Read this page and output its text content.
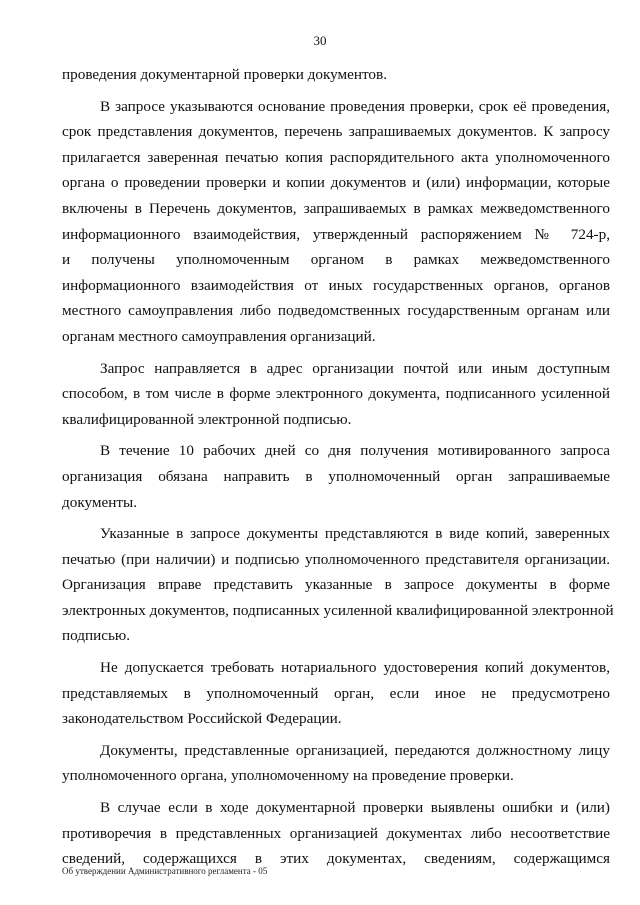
30
проведения документарной проверки документов.
В запросе указываются основание проведения проверки, срок её проведения,
срок представления документов, перечень запрашиваемых документов. К запросу
прилагается заверенная печатью копия распорядительного акта уполномоченного
органа о проведении проверки и копии документов и (или) информации, которые
включены в Перечень документов, запрашиваемых в рамках межведомственного
информационного взаимодействия, утвержденный распоряжением № 724-р,
и получены уполномоченным органом в рамках межведомственного
информационного взаимодействия от иных государственных органов, органов
местного самоуправления либо подведомственных государственным органам или
органам местного самоуправления организаций.
Запрос направляется в адрес организации почтой или иным доступным
способом, в том числе в форме электронного документа, подписанного усиленной
квалифицированной электронной подписью.
В течение 10 рабочих дней со дня получения мотивированного запроса
организация обязана направить в уполномоченный орган запрашиваемые
документы.
Указанные в запросе документы представляются в виде копий, заверенных
печатью (при наличии) и подписью уполномоченного представителя организации.
Организация вправе представить указанные в запросе документы в форме
электронных документов, подписанных усиленной квалифицированной электронной
подписью.
Не допускается требовать нотариального удостоверения копий документов,
представляемых в уполномоченный орган, если иное не предусмотрено
законодательством Российской Федерации.
Документы, представленные организацией, передаются должностному лицу
уполномоченного органа, уполномоченному на проведение проверки.
В случае если в ходе документарной проверки выявлены ошибки и (или)
противоречия в представленных организацией документах либо несоответствие
сведений, содержащихся в этих документах, сведениям, содержащимся
Об утверждении Административного регламента - 05
